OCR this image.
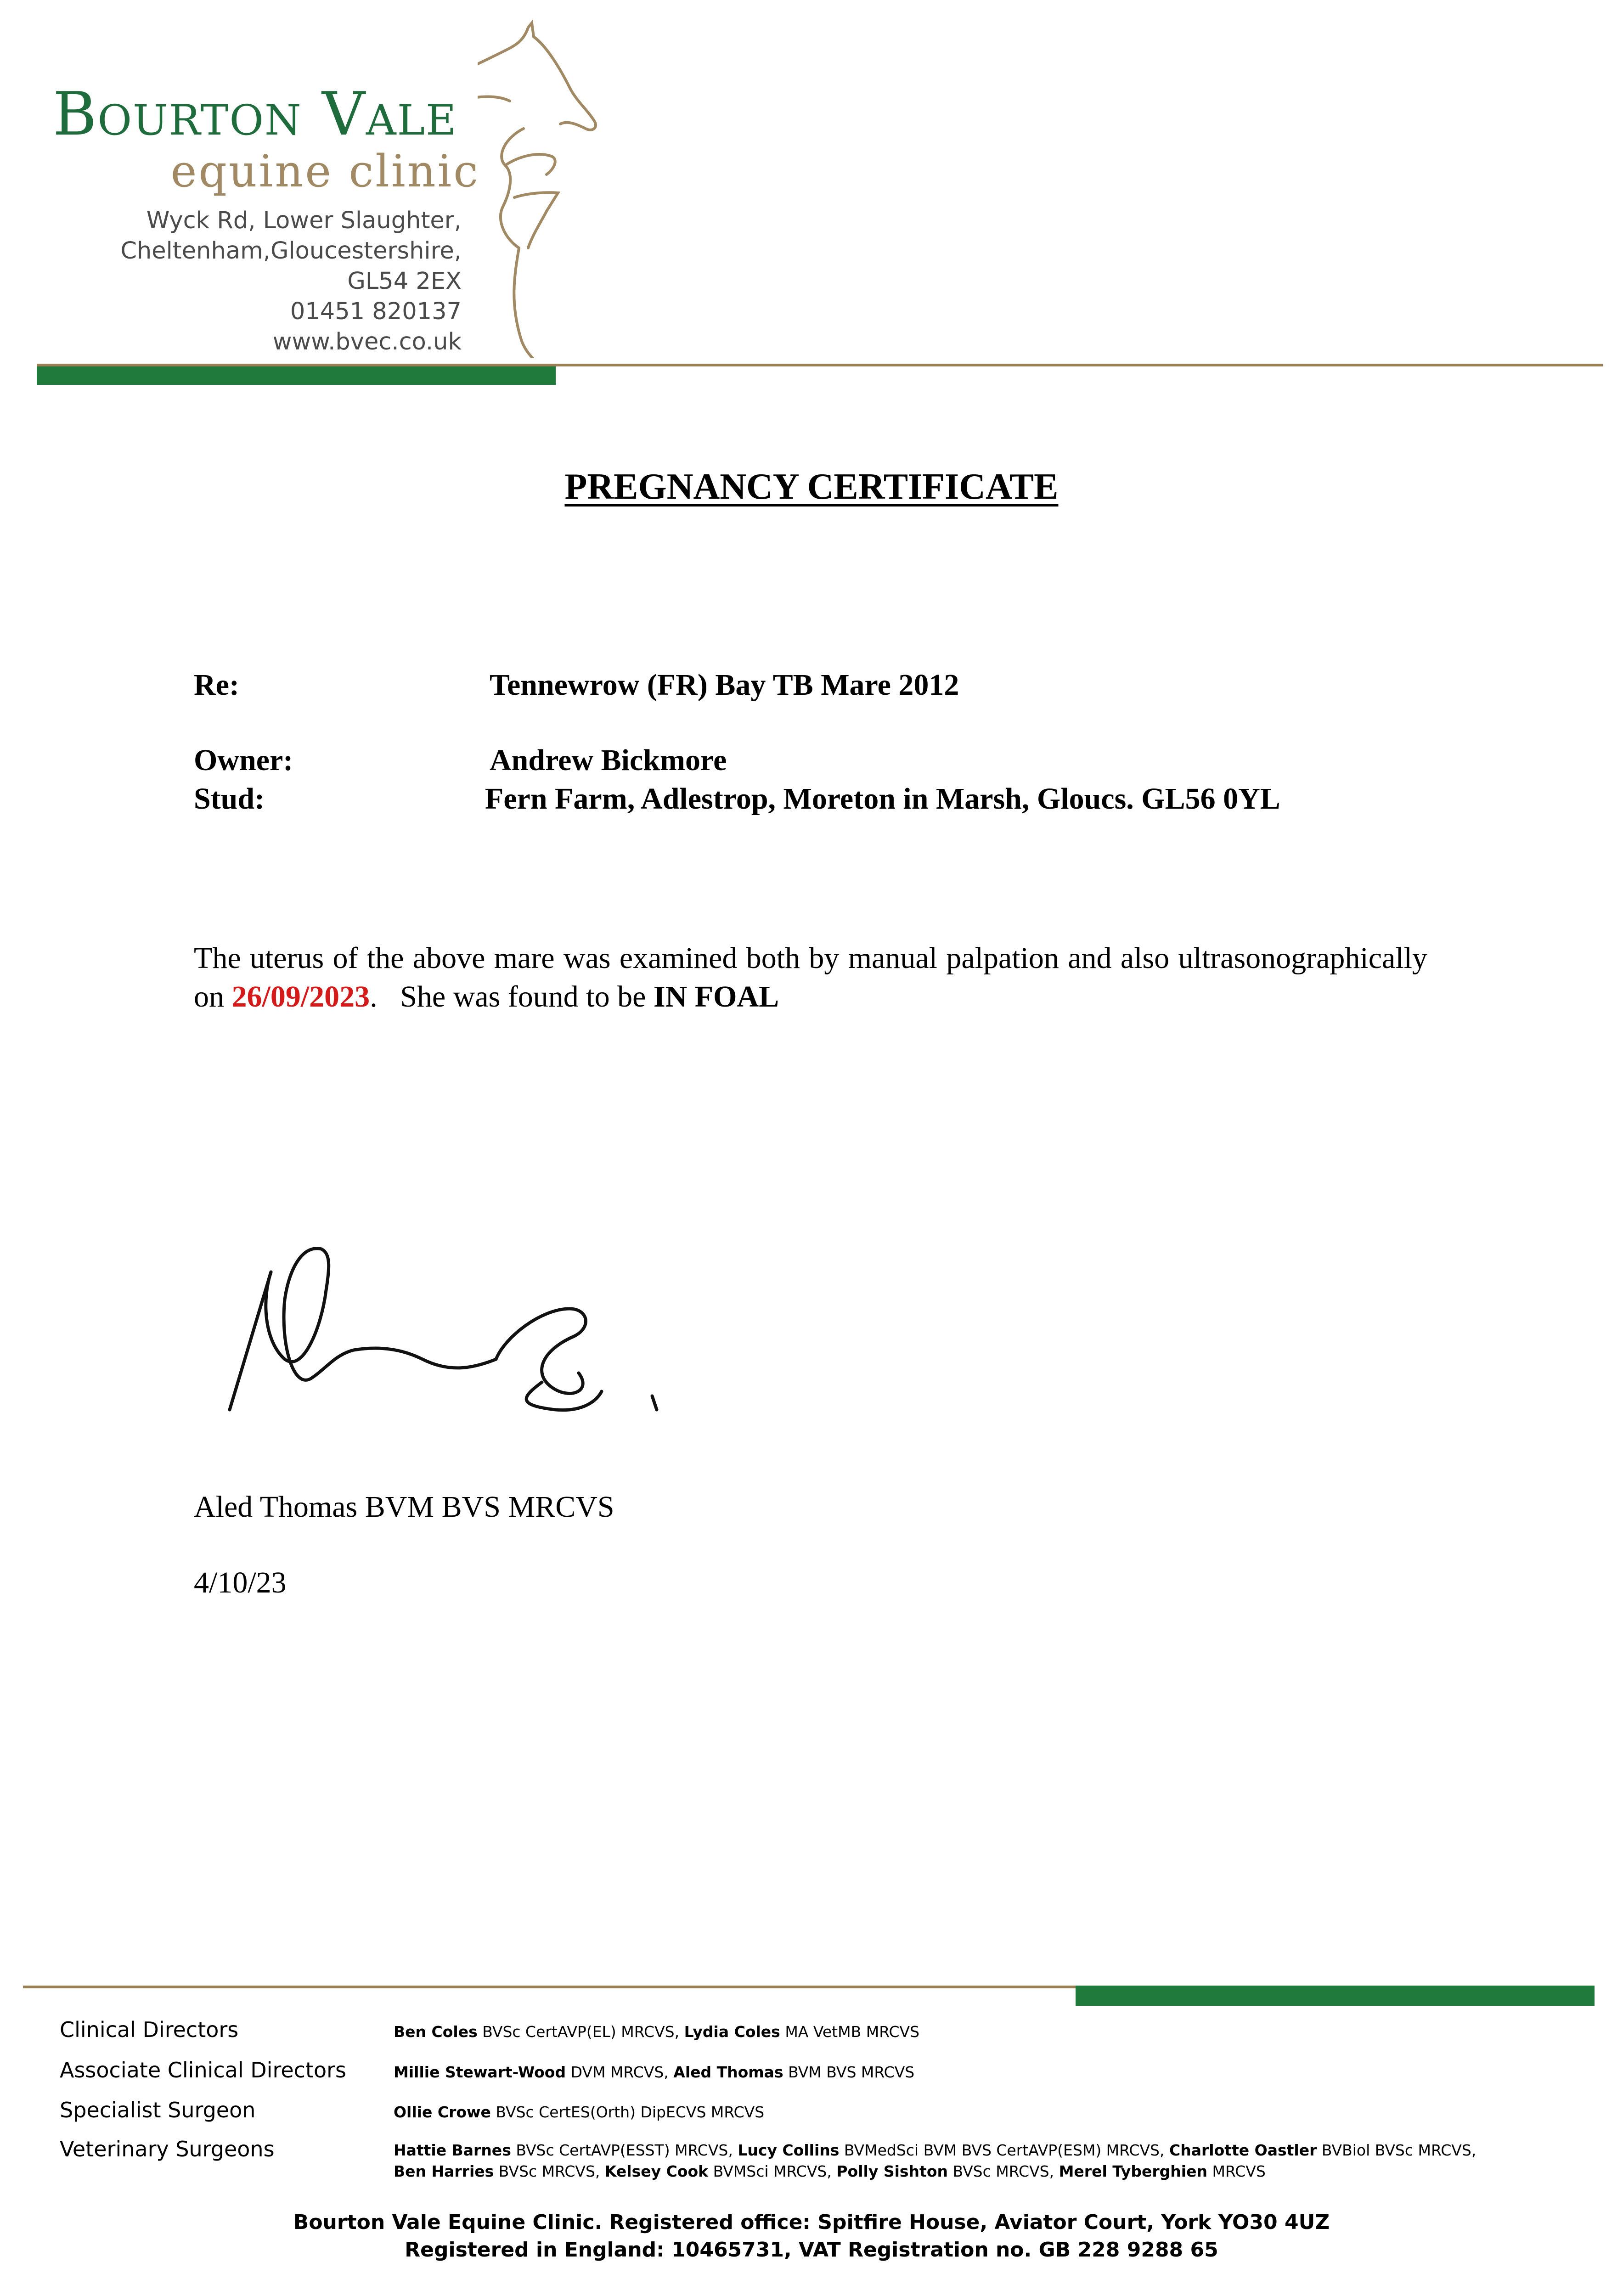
Bourton Vale
equine clinic
Wyck Rd, Lower Slaughter,
Cheltenham,Gloucestershire,
GL54 2EX
01451 820137
www.bvec.co.uk
PREGNANCY CERTIFICATE
Re:	Tennewrow (FR) Bay TB Mare 2012
Owner:	Andrew Bickmore
Stud:	Fern Farm, Adlestrop, Moreton in Marsh, Gloucs. GL56 0YL
The uterus of the above mare was examined both by manual palpation and also ultrasonographically on 26/09/2023.   She was found to be IN FOAL
Aled Thomas BVM BVS MRCVS
4/10/23
Clinical Directors	Ben Coles BVSc CertAVP(EL) MRCVS, Lydia Coles MA VetMB MRCVS
Associate Clinical Directors	Millie Stewart-Wood DVM MRCVS, Aled Thomas BVM BVS MRCVS
Specialist Surgeon	Ollie Crowe BVSc CertES(Orth) DipECVS MRCVS
Veterinary Surgeons	Hattie Barnes BVSc CertAVP(ESST) MRCVS, Lucy Collins BVMedSci BVM BVS CertAVP(ESM) MRCVS, Charlotte Oastler BVBiol BVSc MRCVS,
Ben Harries BVSc MRCVS, Kelsey Cook BVMSci MRCVS, Polly Sishton BVSc MRCVS, Merel Tyberghien MRCVS
Bourton Vale Equine Clinic. Registered office: Spitfire House, Aviator Court, York YO30 4UZ
Registered in England: 10465731, VAT Registration no. GB 228 9288 65
